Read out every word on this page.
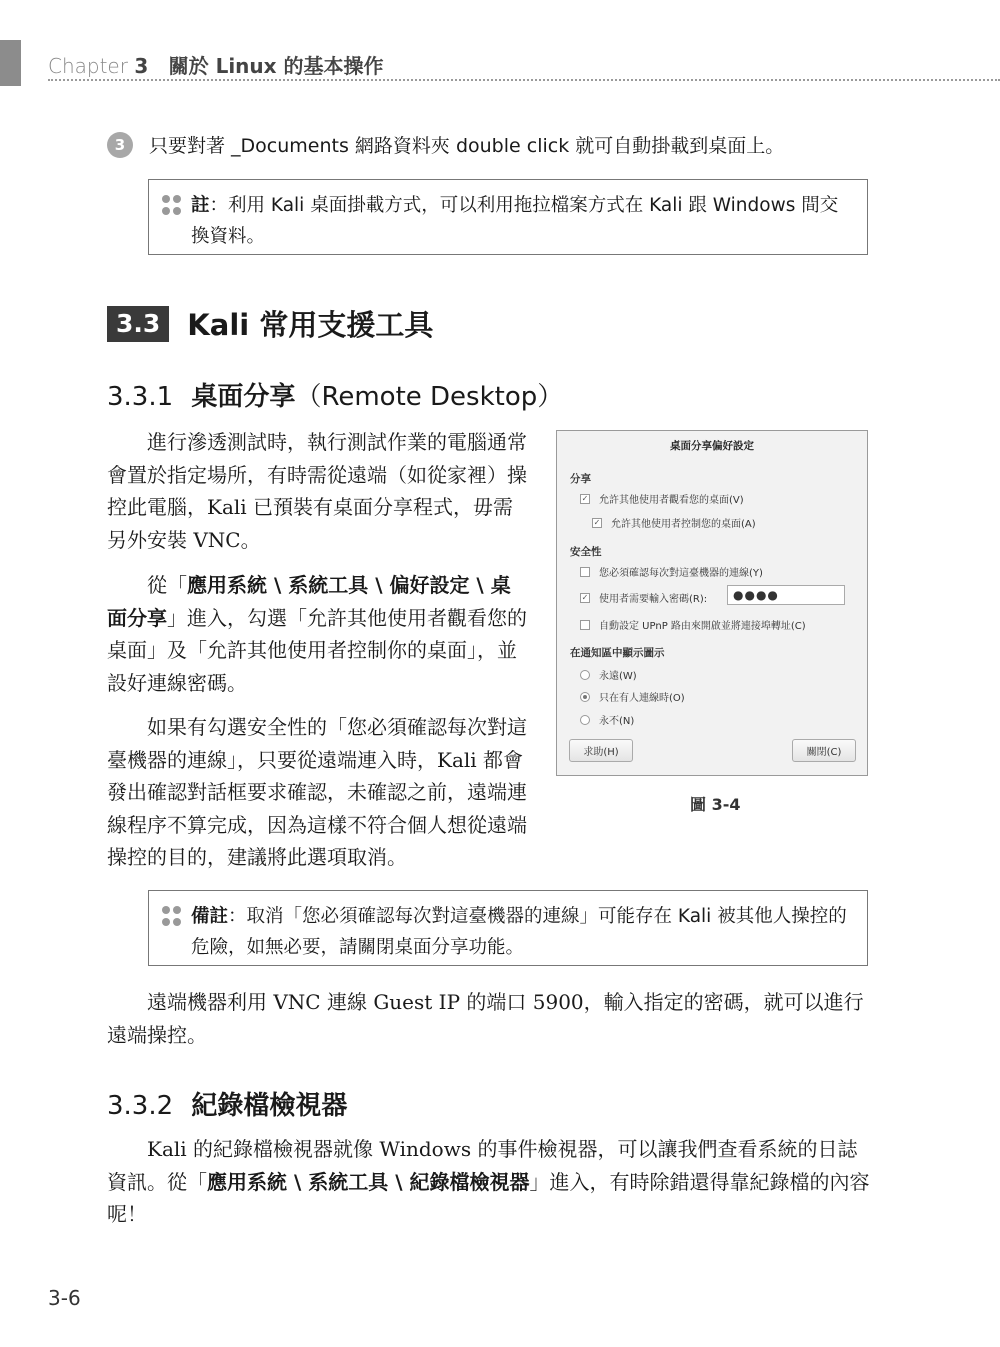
Chapter 3 關於 Linux 的基本操作
3	只要對著 _Documents 網路資料夾 double click 就可自動掛載到桌面上。
註：利用 Kali 桌面掛載方式，可以利用拖拉檔案方式在 Kali 跟 Windows 間交換資料。
3.3 Kali 常用支援工具
3.3.1 桌面分享（Remote Desktop）

進行滲透測試時，執行測試作業的電腦通常會置於指定場所，有時需從遠端（如從家裡）操控此電腦，Kali 已預裝有桌面分享程式，毋需另外安裝 VNC。

從「應用系統 \ 系統工具 \ 偏好設定 \ 桌面分享」進入，勾選「允許其他使用者觀看您的桌面」及「允許其他使用者控制你的桌面」，並設好連線密碼。

如果有勾選安全性的「您必須確認每次對這臺機器的連線」，只要從遠端連入時，Kali 都會發出確認對話框要求確認，未確認之前，遠端連線程序不算完成，因為這樣不符合個人想從遠端操控的目的，建議將此選項取消。

桌面分享偏好設定
分享
✓ 允許其他使用者觀看您的桌面(V)
✓ 允許其他使用者控制您的桌面(A)
安全性
您必須確認每次對這臺機器的連線(Y)
✓ 使用者需要輸入密碼(R):	●●●●
自動設定 UPnP 路由來開啟並將連接埠轉址(C)
在通知區中顯示圖示
永遠(W)
只在有人連線時(O)
永不(N)
求助(H)	關閉(C)
圖 3-4
備註：取消「您必須確認每次對這臺機器的連線」可能存在 Kali 被其他人操控的危險，如無必要，請關閉桌面分享功能。

遠端機器利用 VNC 連線 Guest IP 的端口 5900，輸入指定的密碼，就可以進行遠端操控。

3.3.2 紀錄檔檢視器

Kali 的紀錄檔檢視器就像 Windows 的事件檢視器，可以讓我們查看系統的日誌資訊。從「應用系統 \ 系統工具 \ 紀錄檔檢視器」進入，有時除錯還得靠紀錄檔的內容呢！

3-6
